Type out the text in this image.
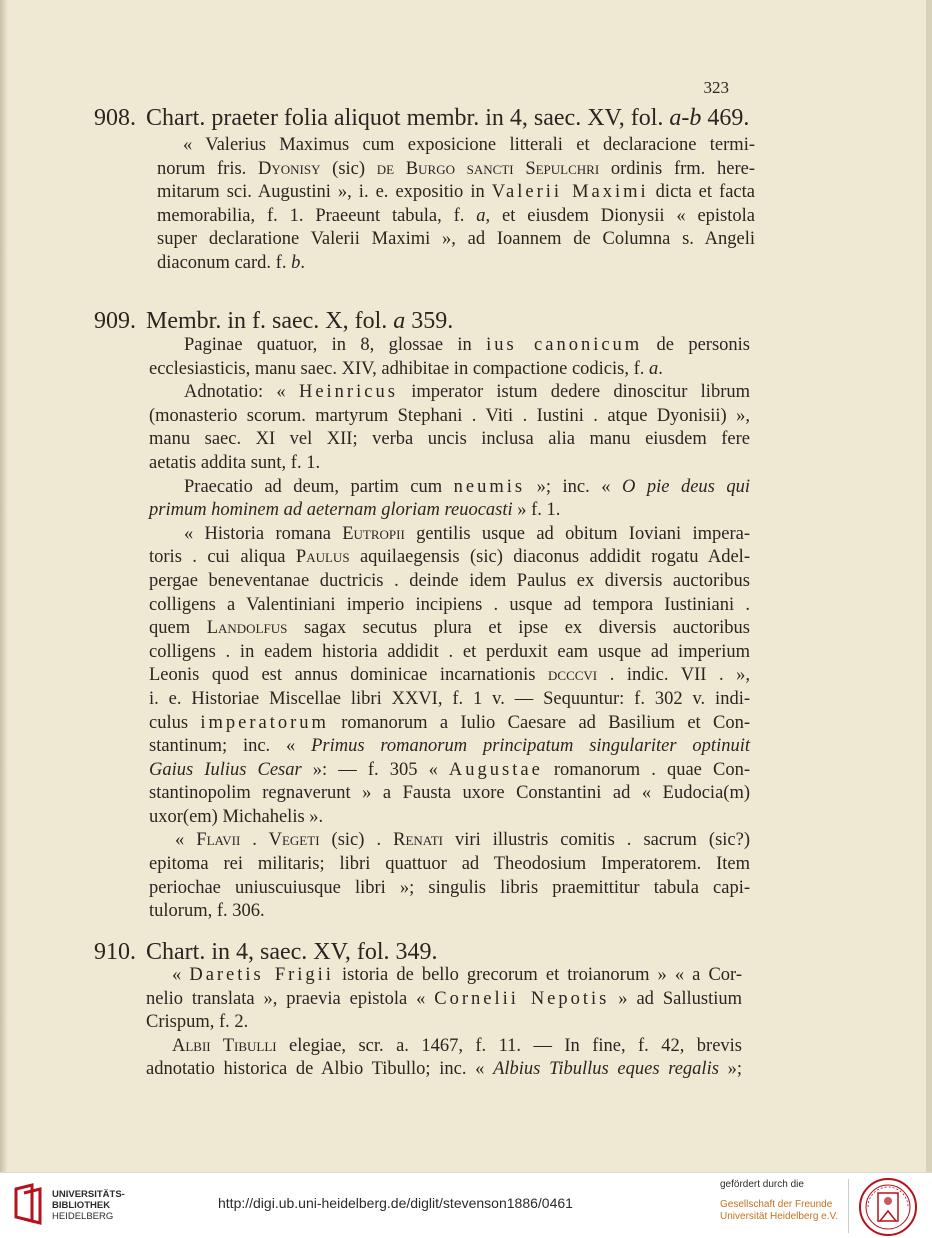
323
908. Chart. praeter folia aliquot membr. in 4, saec. XV, fol. a-b 469.
« Valerius Maximus cum exposicione litterali et declaracione termi-
norum fris. Dyonisy (sic) de Burgo sancti Sepulchri ordinis frm. here-
mitarum sci. Augustini », i. e. expositio in Valerii Maximi dicta et facta
memorabilia, f. 1. Praeeunt tabula, f. a, et eiusdem Dionysii « epistola
super declaratione Valerii Maximi », ad Ioannem de Columna s. Angeli
diaconum card. f. b.
909. Membr. in f. saec. X, fol. a 359.
Paginae quatuor, in 8, glossae in ius canonicum de personis
ecclesiasticis, manu saec. XIV, adhibitae in compactione codicis, f. a.
Adnotatio: « Heinricus imperator istum dedere dinoscitur librum
(monasterio scorum. martyrum Stephani . Viti . Iustini . atque Dyonisii) »,
manu saec. XI vel XII; verba uncis inclusa alia manu eiusdem fere
aetatis addita sunt, f. 1.
Praecatio ad deum, partim cum neumis »; inc. « O pie deus qui
primum hominem ad aeternam gloriam reuocasti » f. 1.
« Historia romana Eutropii gentilis usque ad obitum Ioviani impera-
toris . cui aliqua Paulus aquilaegensis (sic) diaconus addidit rogatu Adel-
pergae beneventanae ductricis . deinde idem Paulus ex diversis auctoribus
colligens a Valentiniani imperio incipiens . usque ad tempora Iustiniani .
quem Landolfus sagax secutus plura et ipse ex diversis auctoribus
colligens . in eadem historia addidit . et perduxit eam usque ad imperium
Leonis quod est annus dominicae incarnationis dcccvi . indic. VII . »,
i. e. Historiae Miscellae libri XXVI, f. 1 v. — Sequuntur: f. 302 v. indi-
culus imperatorum romanorum a Iulio Caesare ad Basilium et Con-
stantinum; inc. « Primus romanorum principatum singulariter optinuit
Gaius Iulius Cesar »: — f. 305 « Augustae romanorum . quae Con-
stantinopolim regnaverunt » a Fausta uxore Constantini ad « Eudocia(m)
uxor(em) Michahelis ».
« Flavii . Vegeti (sic) . Renati viri illustris comitis . sacrum (sic?)
epitoma rei militaris; libri quattuor ad Theodosium Imperatorem. Item
periochae uniuscuiusque libri »; singulis libris praemittitur tabula capi-
tulorum, f. 306.
910. Chart. in 4, saec. XV, fol. 349.
« Daretis Frigii istoria de bello grecorum et troianorum » « a Cor-
nelio translata », praevia epistola « Cornelii Nepotis » ad Sallustium
Crispum, f. 2.
Albii Tibulli elegiae, scr. a. 1467, f. 11. — In fine, f. 42, brevis
adnotatio historica de Albio Tibullo; inc. « Albius Tibullus eques regalis »;
UNIVERSITÄTS-
BIBLIOTHEK
HEIDELBERG
http://digi.ub.uni-heidelberg.de/diglit/stevenson1886/0461
gefördert durch die
Gesellschaft der Freunde
Universität Heidelberg e.V.
